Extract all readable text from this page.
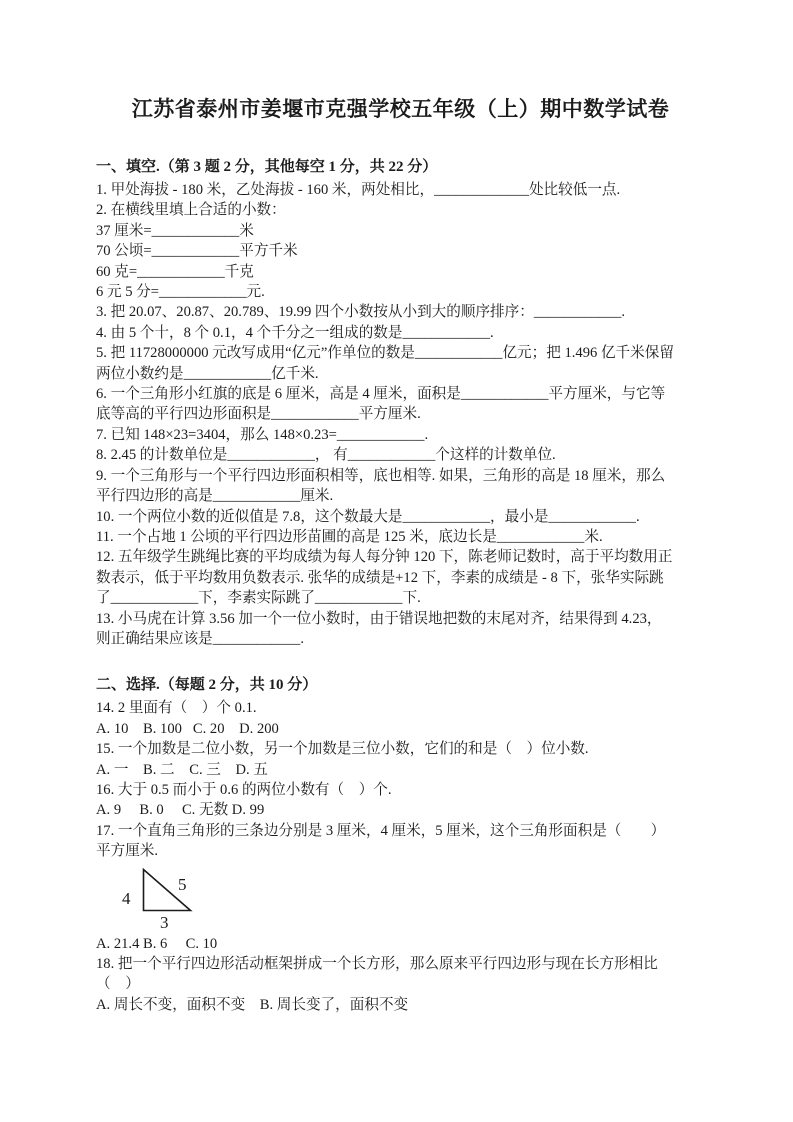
江苏省泰州市姜堰市克强学校五年级（上）期中数学试卷
一、填空.（第 3 题 2 分，其他每空 1 分，共 22 分）

1. 甲处海拔 - 180 米，乙处海拔 - 160 米，两处相比，_____________处比较低一点.

2. 在横线里填上合适的小数：

37 厘米=____________米

70 公顷=____________平方千米

60 克=____________千克

6 元 5 分=____________元.

3. 把 20.07、20.87、20.789、19.99 四个小数按从小到大的顺序排序：____________.

4. 由 5 个十，8 个 0.1，4 个千分之一组成的数是____________.

5. 把 11728000000 元改写成用“亿元”作单位的数是____________亿元；把 1.496 亿千米保留

两位小数约是____________亿千米.

6. 一个三角形小红旗的底是 6 厘米，高是 4 厘米，面积是____________平方厘米，与它等

底等高的平行四边形面积是____________平方厘米.

7. 已知 148×23=3404，那么 148×0.23=____________.

8. 2.45 的计数单位是____________， 有____________个这样的计数单位.

9. 一个三角形与一个平行四边形面积相等，底也相等. 如果，三角形的高是 18 厘米，那么

平行四边形的高是____________厘米.

10. 一个两位小数的近似值是 7.8，这个数最大是____________，最小是____________.

11. 一个占地 1 公顷的平行四边形苗圃的高是 125 米，底边长是____________米.

12. 五年级学生跳绳比赛的平均成绩为每人每分钟 120 下，陈老师记数时，高于平均数用正

数表示，低于平均数用负数表示. 张华的成绩是+12 下，李素的成绩是 - 8 下，张华实际跳

了____________下，李素实际跳了____________下.

13. 小马虎在计算 3.56 加一个一位小数时，由于错误地把数的末尾对齐，结果得到 4.23，

则正确结果应该是____________.

二、选择.（每题 2 分，共 10 分）

14. 2 里面有（　）个 0.1.

A. 10    B. 100   C. 20    D. 200

15. 一个加数是二位小数，另一个加数是三位小数，它们的和是（　）位小数.

A. 一    B. 二    C. 三    D. 五

16. 大于 0.5 而小于 0.6 的两位小数有（　）个.

A. 9     B. 0     C. 无数 D. 99

17. 一个直角三角形的三条边分别是 3 厘米，4 厘米，5 厘米，这个三角形面积是（　　）

平方厘米.

4
5
3

A. 21.4 B. 6     C. 10

18. 把一个平行四边形活动框架拼成一个长方形，那么原来平行四边形与现在长方形相比

（　）

A. 周长不变，面积不变    B. 周长变了，面积不变
